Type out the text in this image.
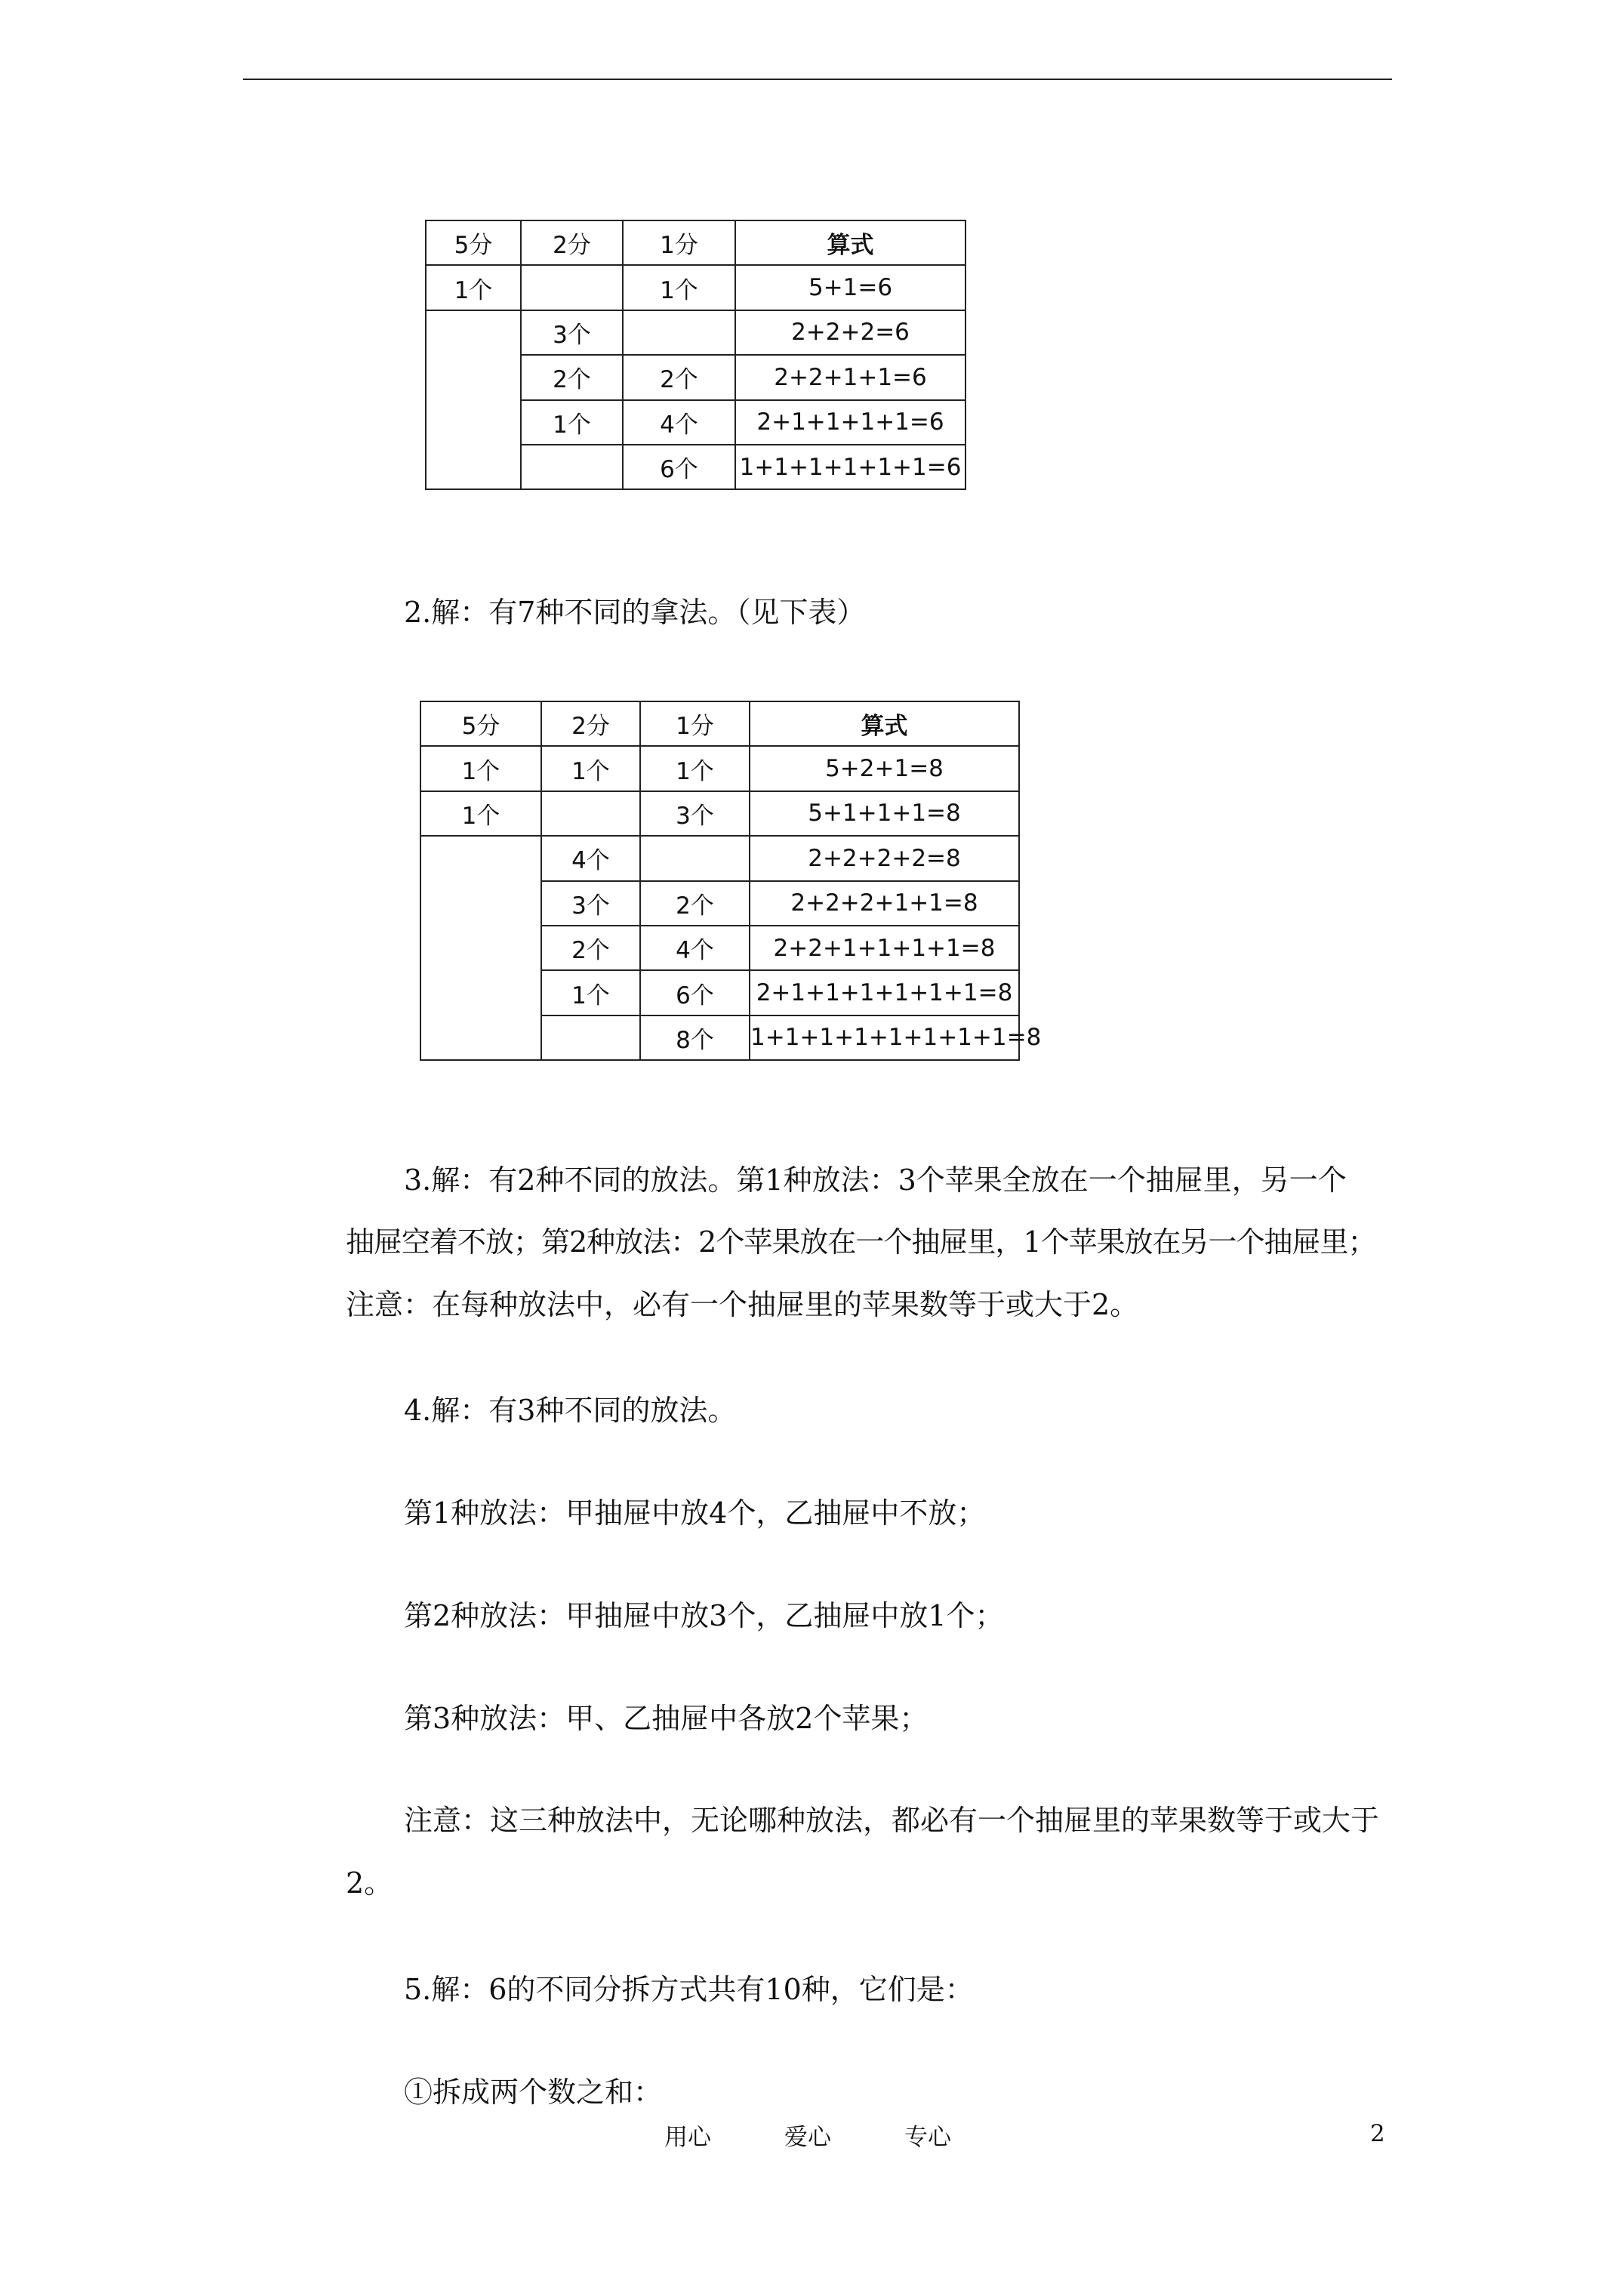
5分	2分	1分	算式
1个		1个	5+1=6
	3个		2+2+2=6
	2个	2个	2+2+1+1=6
	1个	4个	2+1+1+1+1=6
		6个	1+1+1+1+1+1=6

2.解：有7种不同的拿法。（见下表）

5分	2分	1分	算式
1个	1个	1个	5+2+1=8
1个		3个	5+1+1+1=8
	4个		2+2+2+2=8
	3个	2个	2+2+2+1+1=8
	2个	4个	2+2+1+1+1+1=8
	1个	6个	2+1+1+1+1+1+1=8
		8个	1+1+1+1+1+1+1+1=8

3.解：有2种不同的放法。第1种放法：3个苹果全放在一个抽屉里，另一个

抽屉空着不放；第2种放法：2个苹果放在一个抽屉里，1个苹果放在另一个抽屉里；

注意：在每种放法中，必有一个抽屉里的苹果数等于或大于2。

4.解：有3种不同的放法。

第1种放法：甲抽屉中放4个，乙抽屉中不放；

第2种放法：甲抽屉中放3个，乙抽屉中放1个；

第3种放法：甲、乙抽屉中各放2个苹果；

注意：这三种放法中，无论哪种放法，都必有一个抽屉里的苹果数等于或大于

2。

5.解：6的不同分拆方式共有10种，它们是：

①拆成两个数之和：

用心	爱心	专心	2
